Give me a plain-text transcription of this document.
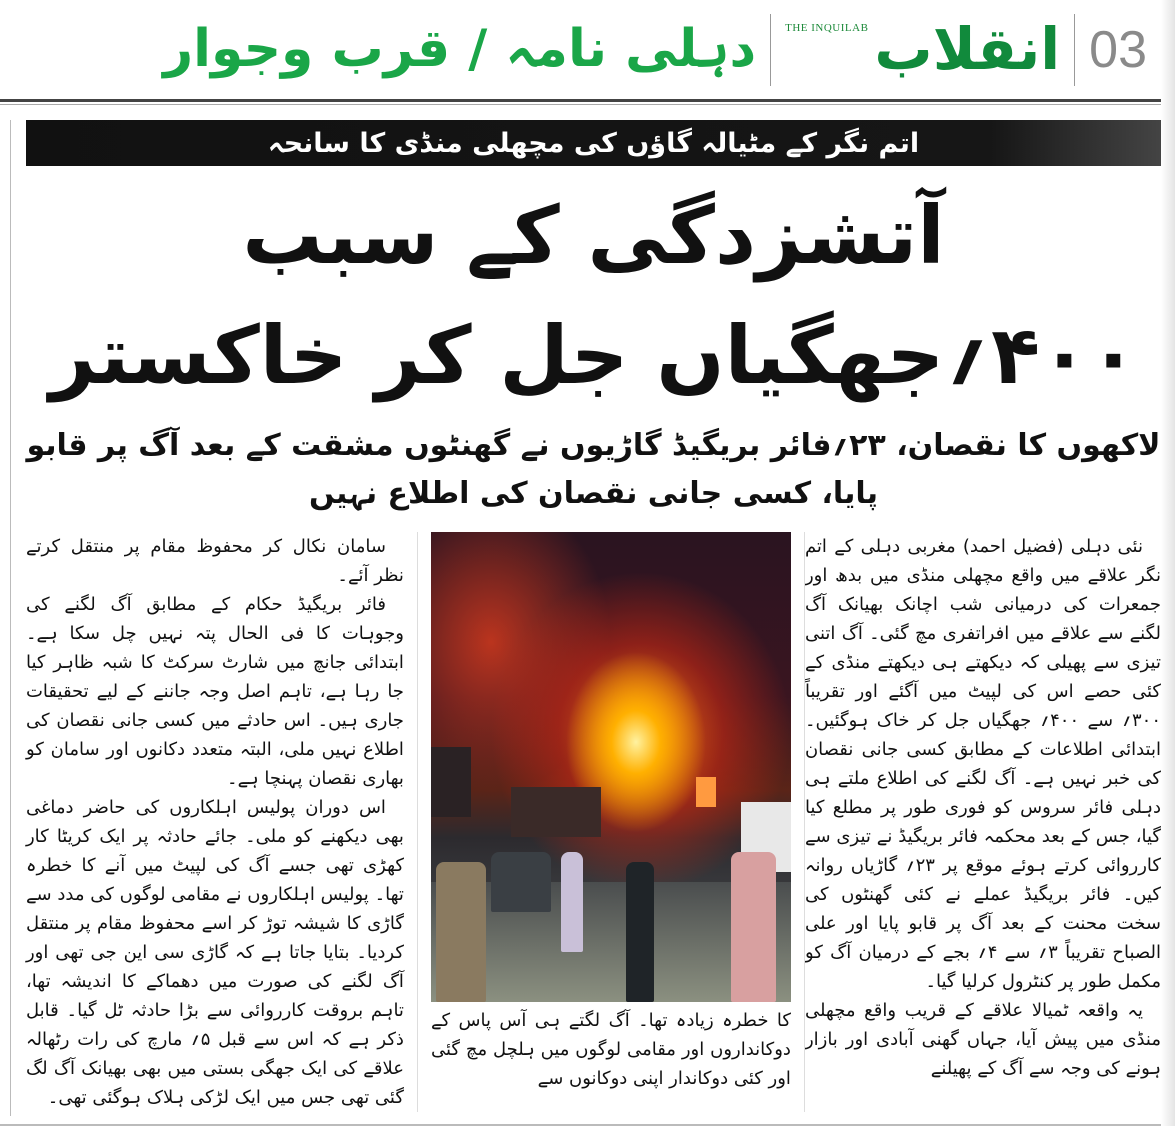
03
THE INQUILAB انقلاب
دہلی نامہ / قرب وجوار
اتم نگر کے مٹیالہ گاؤں کی مچھلی منڈی کا سانحہ
آتشزدگی کے سبب ۴۰۰؍جھگیاں جل کر خاکستر
لاکھوں کا نقصان، ۲۳؍فائر بریگیڈ گاڑیوں نے گھنٹوں مشقت کے بعد آگ پر قابو پایا، کسی جانی نقصان کی اطلاع نہیں

نئی دہلی (فضیل احمد) مغربی دہلی کے اتم نگر علاقے میں واقع مچھلی منڈی میں بدھ اور جمعرات کی درمیانی شب اچانک بھیانک آگ لگنے سے علاقے میں افراتفری مچ گئی۔ آگ اتنی تیزی سے پھیلی کہ دیکھتے ہی دیکھتے منڈی کے کئی حصے اس کی لپیٹ میں آگئے اور تقریباً ۳۰۰؍ سے ۴۰۰؍ جھگیاں جل کر خاک ہوگئیں۔ ابتدائی اطلاعات کے مطابق کسی جانی نقصان کی خبر نہیں ہے۔ آگ لگنے کی اطلاع ملتے ہی دہلی فائر سروس کو فوری طور پر مطلع کیا گیا، جس کے بعد محکمہ فائر بریگیڈ نے تیزی سے کارروائی کرتے ہوئے موقع پر ۲۳؍ گاڑیاں روانہ کیں۔ فائر بریگیڈ عملے نے کئی گھنٹوں کی سخت محنت کے بعد آگ پر قابو پایا اور علی الصباح تقریباً ۳؍ سے ۴؍ بجے کے درمیان آگ کو مکمل طور پر کنٹرول کرلیا گیا۔

یہ واقعہ ٹمیالا علاقے کے قریب واقع مچھلی منڈی میں پیش آیا، جہاں گھنی آبادی اور بازار ہونے کی وجہ سے آگ کے پھیلنے

کا خطرہ زیادہ تھا۔ آگ لگتے ہی آس پاس کے دوکانداروں اور مقامی لوگوں میں ہلچل مچ گئی اور کئی دوکاندار اپنی دوکانوں سے

سامان نکال کر محفوظ مقام پر منتقل کرتے نظر آئے۔

فائر بریگیڈ حکام کے مطابق آگ لگنے کی وجوہات کا فی الحال پتہ نہیں چل سکا ہے۔ ابتدائی جانچ میں شارٹ سرکٹ کا شبہ ظاہر کیا جا رہا ہے، تاہم اصل وجہ جاننے کے لیے تحقیقات جاری ہیں۔ اس حادثے میں کسی جانی نقصان کی اطلاع نہیں ملی، البتہ متعدد دکانوں اور سامان کو بھاری نقصان پہنچا ہے۔

اس دوران پولیس اہلکاروں کی حاضر دماغی بھی دیکھنے کو ملی۔ جائے حادثہ پر ایک کریٹا کار کھڑی تھی جسے آگ کی لپیٹ میں آنے کا خطرہ تھا۔ پولیس اہلکاروں نے مقامی لوگوں کی مدد سے گاڑی کا شیشہ توڑ کر اسے محفوظ مقام پر منتقل کردیا۔ بتایا جاتا ہے کہ گاڑی سی این جی تھی اور آگ لگنے کی صورت میں دھماکے کا اندیشہ تھا، تاہم بروقت کارروائی سے بڑا حادثہ ٹل گیا۔ قابل ذکر ہے کہ اس سے قبل ۵؍ مارچ کی رات رٹھالہ علاقے کی ایک جھگی بستی میں بھی بھیانک آگ لگ گئی تھی جس میں ایک لڑکی ہلاک ہوگئی تھی۔
